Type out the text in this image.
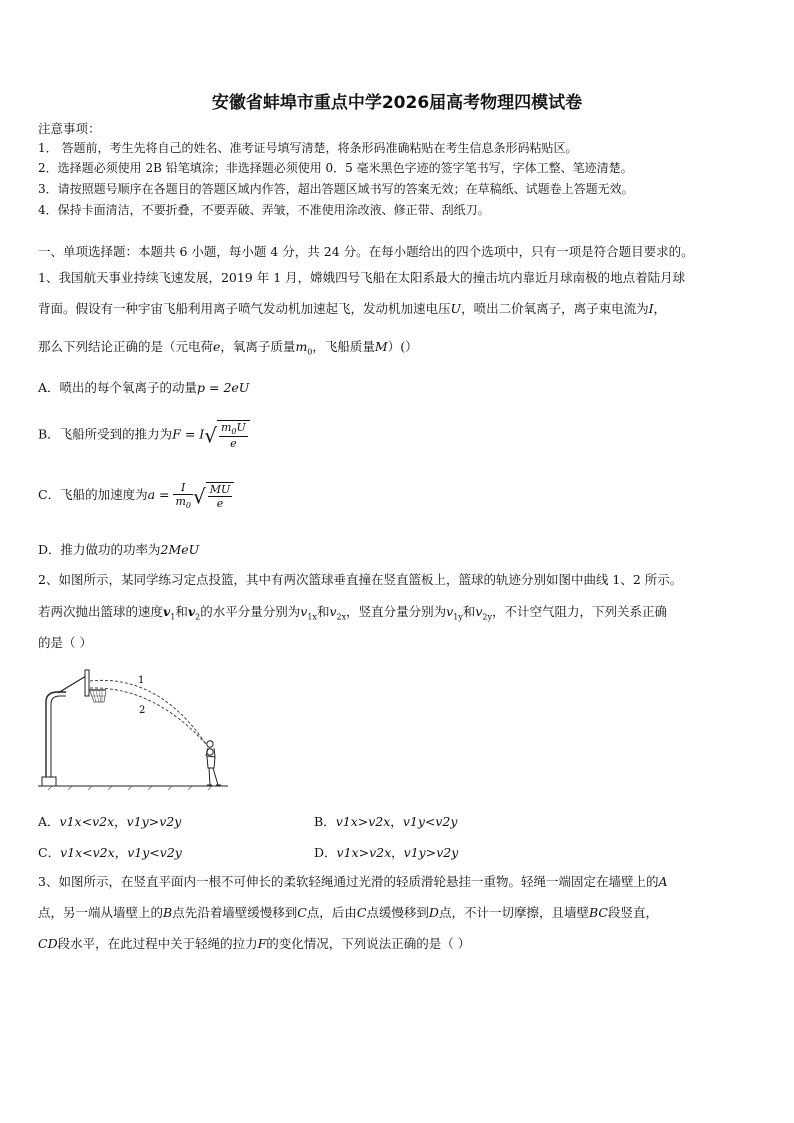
安徽省蚌埠市重点中学2026届高考物理四模试卷
注意事项：
1． 答题前，考生先将自己的姓名、准考证号填写清楚，将条形码准确粘贴在考生信息条形码粘贴区。
2．选择题必须使用 2B 铅笔填涂；非选择题必须使用 0．5 毫米黑色字迹的签字笔书写，字体工整、笔迹清楚。
3．请按照题号顺序在各题目的答题区域内作答，超出答题区域书写的答案无效；在草稿纸、试题卷上答题无效。
4．保持卡面清洁，不要折叠，不要弄破、弄皱，不准使用涂改液、修正带、刮纸刀。
一、单项选择题：本题共 6 小题，每小题 4 分，共 24 分。在每小题给出的四个选项中，只有一项是符合题目要求的。
1、我国航天事业持续飞速发展，2019 年 1 月，嫦娥四号飞船在太阳系最大的撞击坑内靠近月球南极的地点着陆月球
背面。假设有一种宇宙飞船利用离子喷气发动机加速起飞，发动机加速电压U，喷出二价氧离子，离子束电流为I，
那么下列结论正确的是（元电荷e，氧离子质量$m_0$，飞船质量M）(）
A．喷出的每个氧离子的动量p = 2eU
B．飞船所受到的推力为$F = I√ \frac{m_0U}{e}$
C．飞船的加速度为$a = \frac{I}{m_0}$ √ $\frac{MU}{e}$
D．推力做功的功率为2MeU
2、如图所示，某同学练习定点投篮，其中有两次篮球垂直撞在竖直篮板上，篮球的轨迹分别如图中曲线 1、2 所示。
若两次抛出篮球的速度$v_1$和$v_2$的水平分量分别为$v_{1x}$和$v_{2x}$，竖直分量分别为$v_{1y}$和$v_{2y}$，不计空气阻力，下列关系正确
的是（ ）
1
2
A．v1x<v2x，v1y>v2y	B．v1x>v2x，v1y<v2y
C．v1x<v2x，v1y<v2y	D．v1x>v2x，v1y>v2y
3、如图所示，在竖直平面内一根不可伸长的柔软轻绳通过光滑的轻质滑轮悬挂一重物。轻绳一端固定在墙壁上的A
点，另一端从墙壁上的B点先沿着墙壁缓慢移到C点，后由C点缓慢移到D点，不计一切摩擦，且墙壁BC段竖直，
CD段水平，在此过程中关于轻绳的拉力F的变化情况，下列说法正确的是（ ）
